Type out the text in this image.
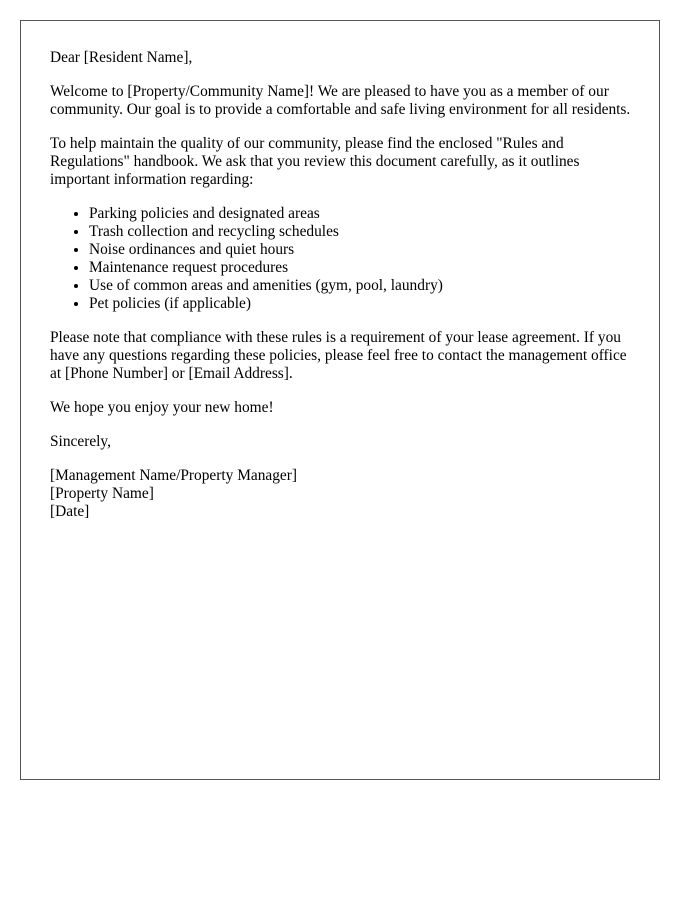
Dear [Resident Name],

Welcome to [Property/Community Name]! We are pleased to have you as a member of our community. Our goal is to provide a comfortable and safe living environment for all residents.

To help maintain the quality of our community, please find the enclosed "Rules and Regulations" handbook. We ask that you review this document carefully, as it outlines important information regarding:

• Parking policies and designated areas
• Trash collection and recycling schedules
• Noise ordinances and quiet hours
• Maintenance request procedures
• Use of common areas and amenities (gym, pool, laundry)
• Pet policies (if applicable)

Please note that compliance with these rules is a requirement of your lease agreement. If you have any questions regarding these policies, please feel free to contact the management office at [Phone Number] or [Email Address].

We hope you enjoy your new home!

Sincerely,

[Management Name/Property Manager]
[Property Name]
[Date]
